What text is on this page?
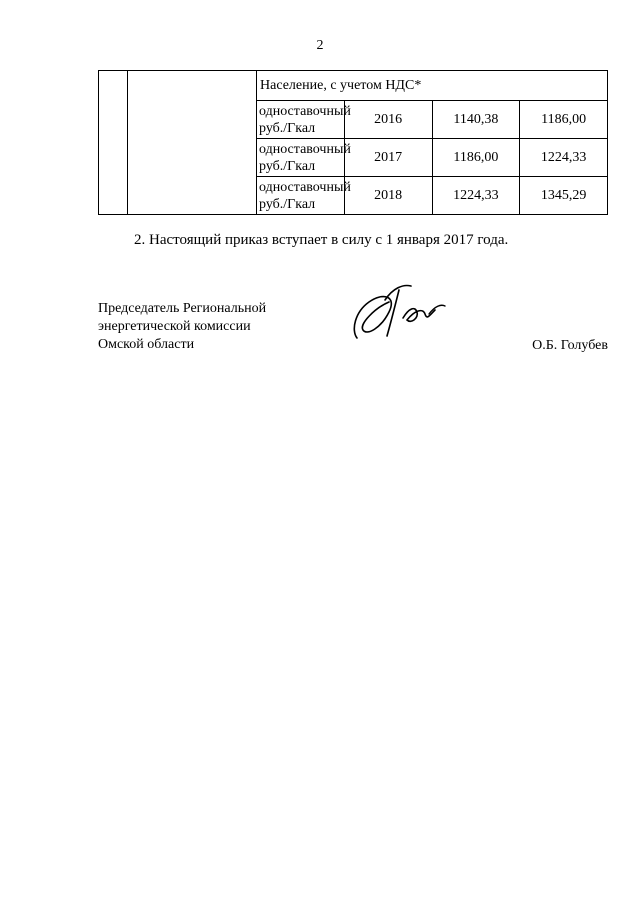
2
		Население, с учетом НДС*			

		одноставочный
руб./Гкал	2016	1140,38	1186,00

		одноставочный
руб./Гкал	2017	1186,00	1224,33

		одноставочный
руб./Гкал	2018	1224,33	1345,29
2. Настоящий приказ вступает в силу с 1 января 2017 года.
Председатель Региональной
энергетической комиссии
Омской области	О.Б. Голубев
